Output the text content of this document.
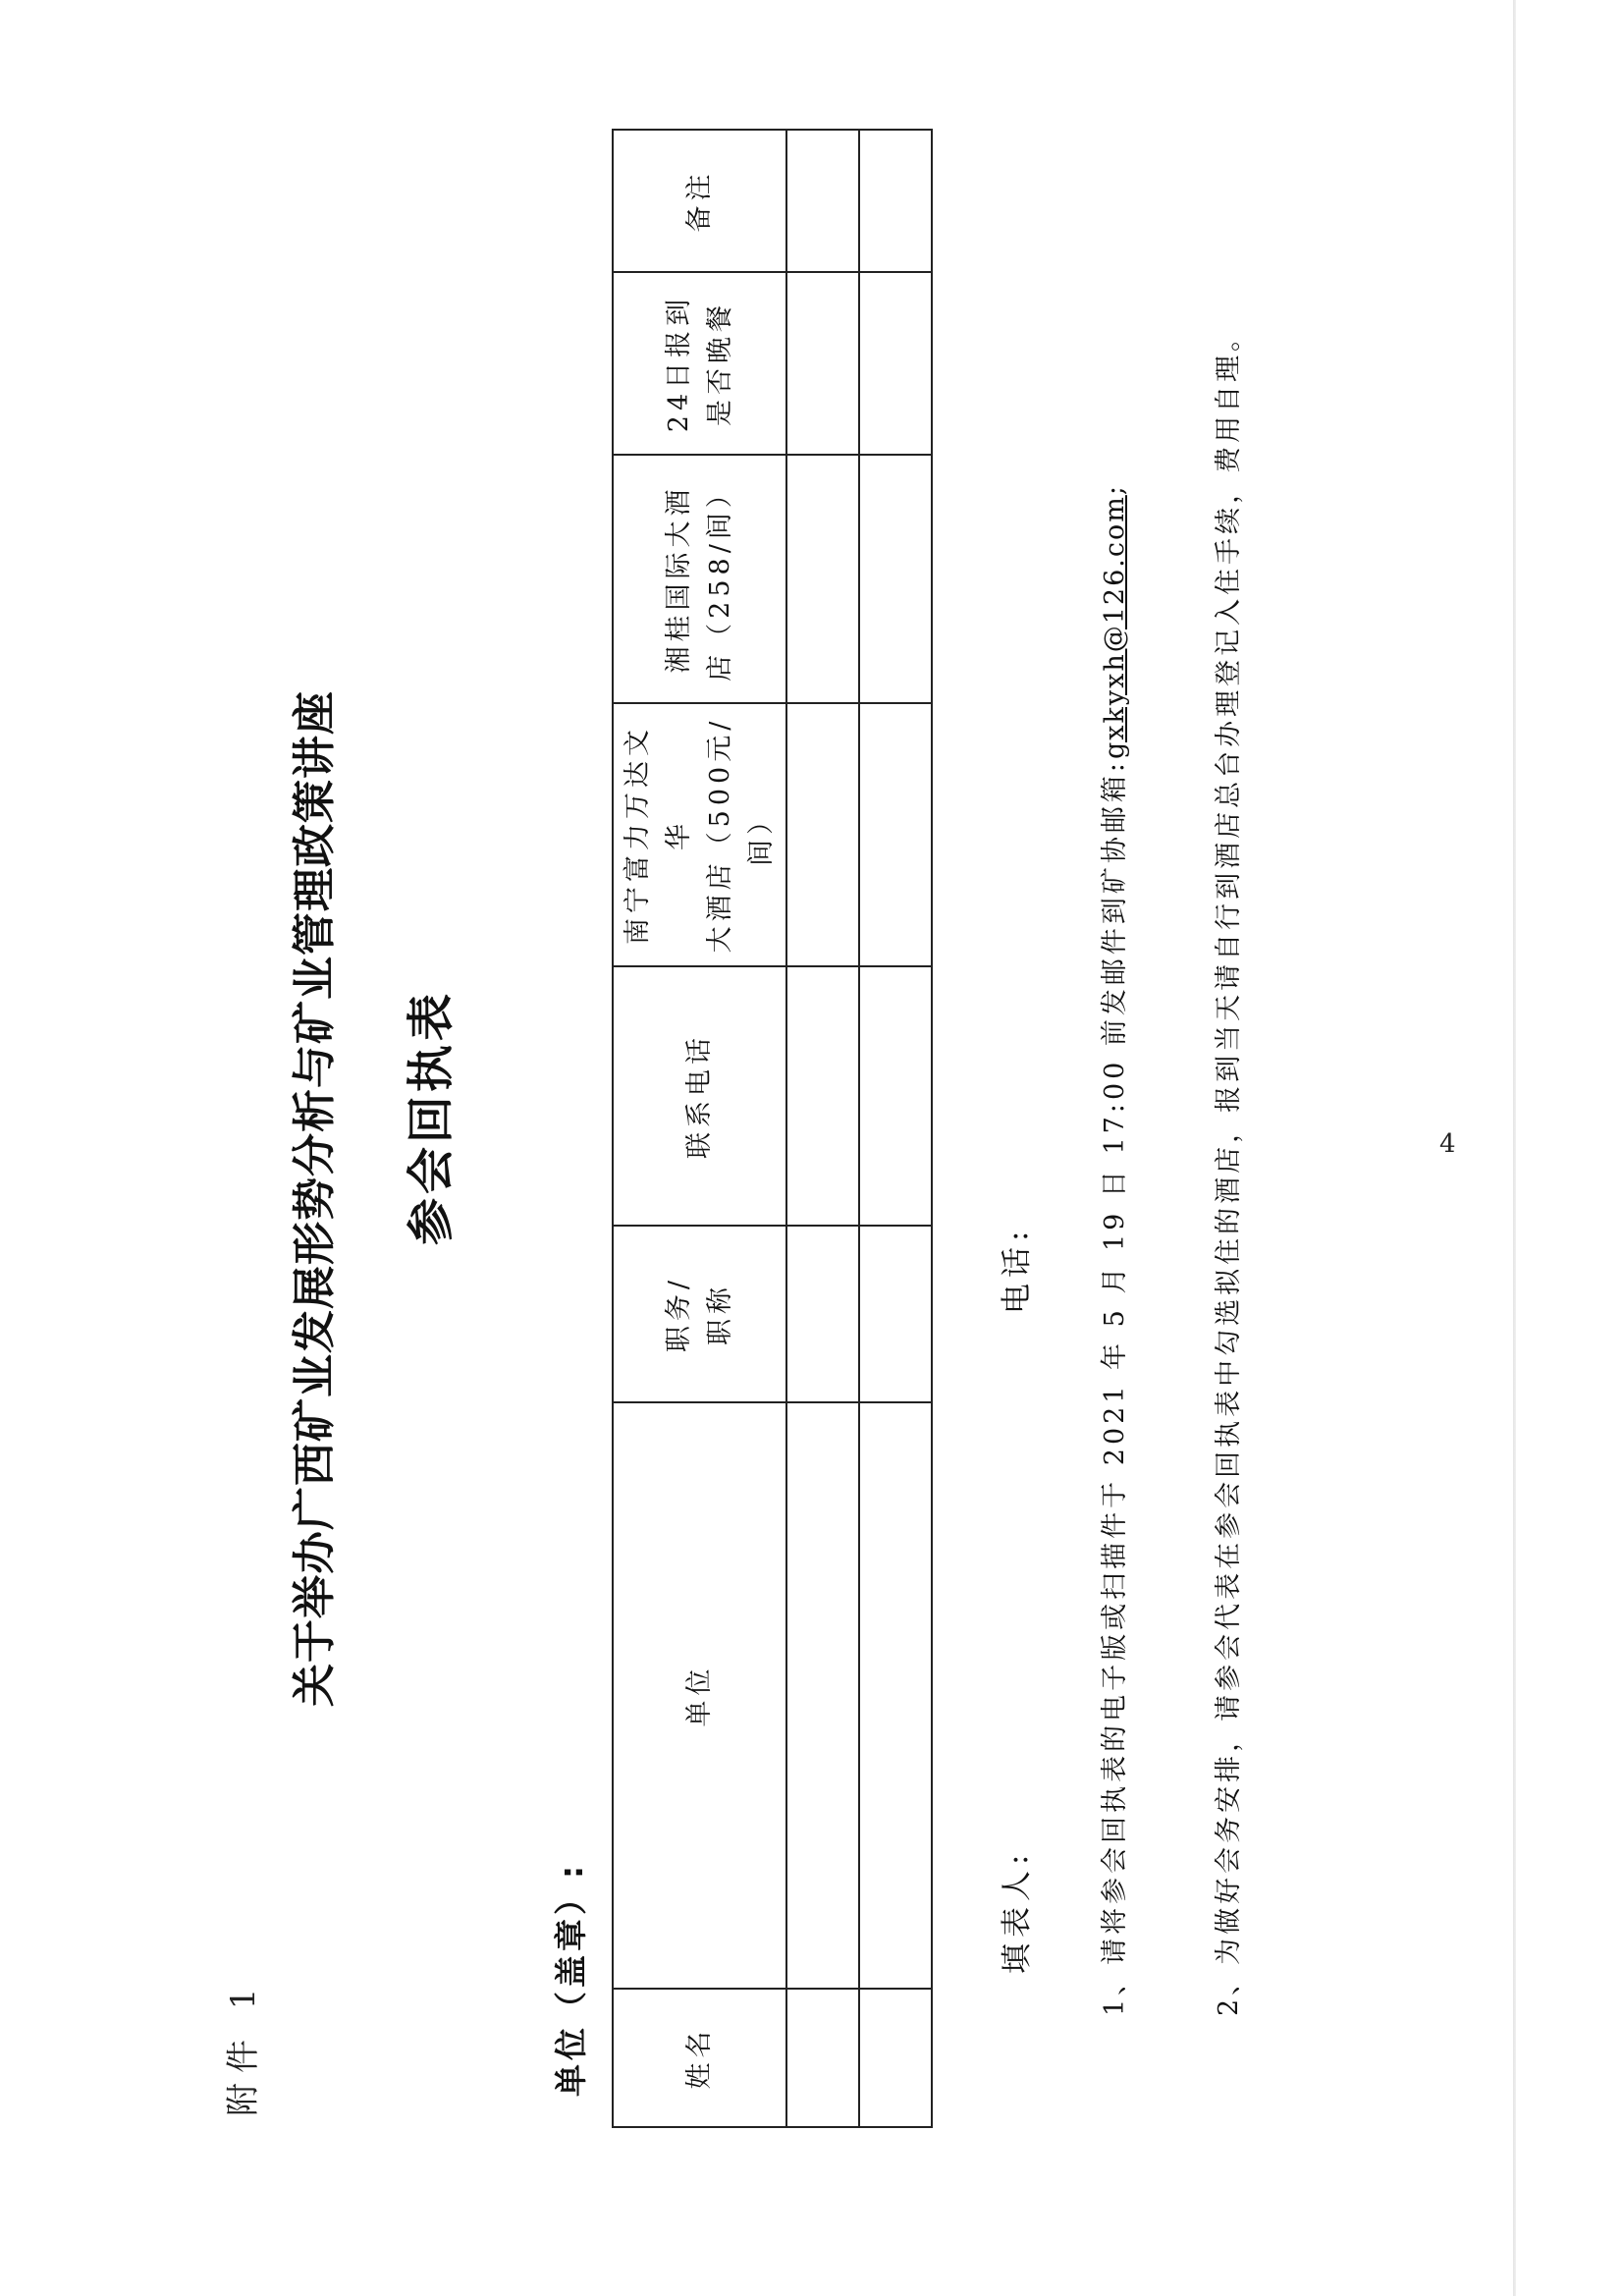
4
附件 1
关于举办广西矿业发展形势分析与矿业管理政策讲座 参会回执表
单位（盖章）:	姓名	单位	职务/ 职称	联系电话	南宁富力万达文华 大酒店（500元/间）	湘桂国际大酒 店（258/间）	24日报到 是否晚餐	备注

填表人:
电话: 1、请将参会回执表的电子版或扫描件于 2021 年 5 月 19 日 17:00 前发邮件到矿协邮箱:gxkyxh@126.com;	2、为做好会务安排，请参会代表在参会回执表中勾选拟住的酒店，报到当天请自行到酒店总台办理登记入住手续，费用自理。
